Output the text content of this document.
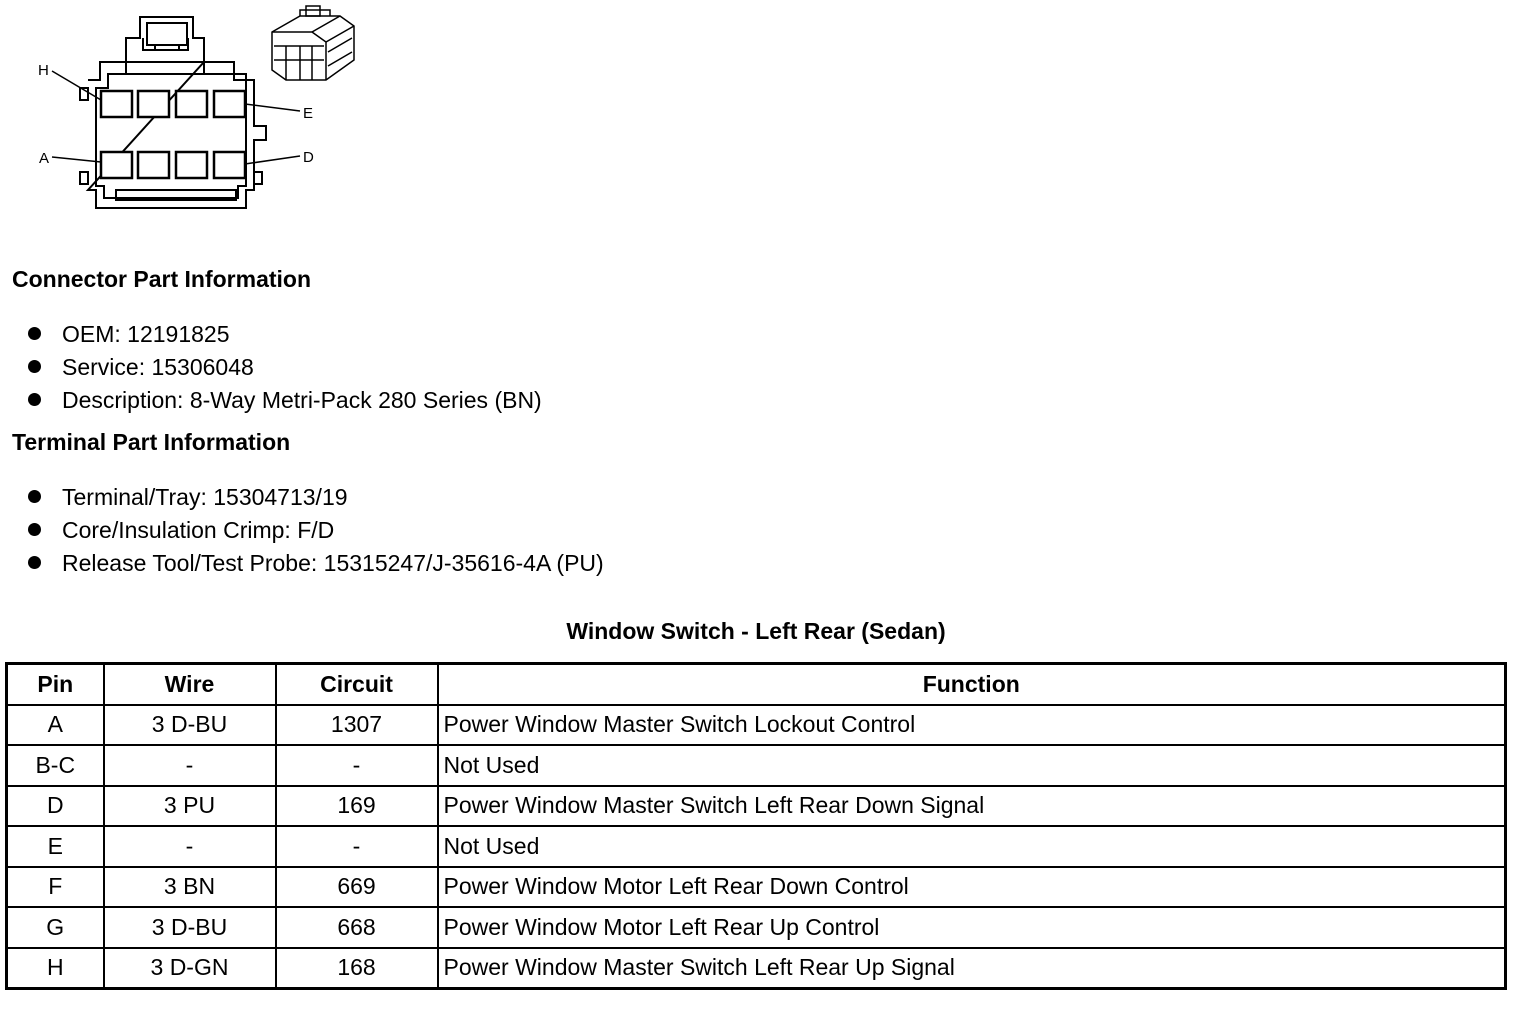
H
E
A	D
Connector Part Information
OEM: 12191825
Service: 15306048
Description: 8-Way Metri-Pack 280 Series (BN)
Terminal Part Information
Terminal/Tray: 15304713/19
Core/Insulation Crimp: F/D
Release Tool/Test Probe: 15315247/J-35616-4A (PU)
Window Switch - Left Rear (Sedan)
Pin	Wire	Circuit	Function
A	3 D-BU	1307	Power Window Master Switch Lockout Control
B-C	-	-	Not Used
D	3 PU	169	Power Window Master Switch Left Rear Down Signal
E	-	-	Not Used
F	3 BN	669	Power Window Motor Left Rear Down Control
G	3 D-BU	668	Power Window Motor Left Rear Up Control
H	3 D-GN	168	Power Window Master Switch Left Rear Up Signal
